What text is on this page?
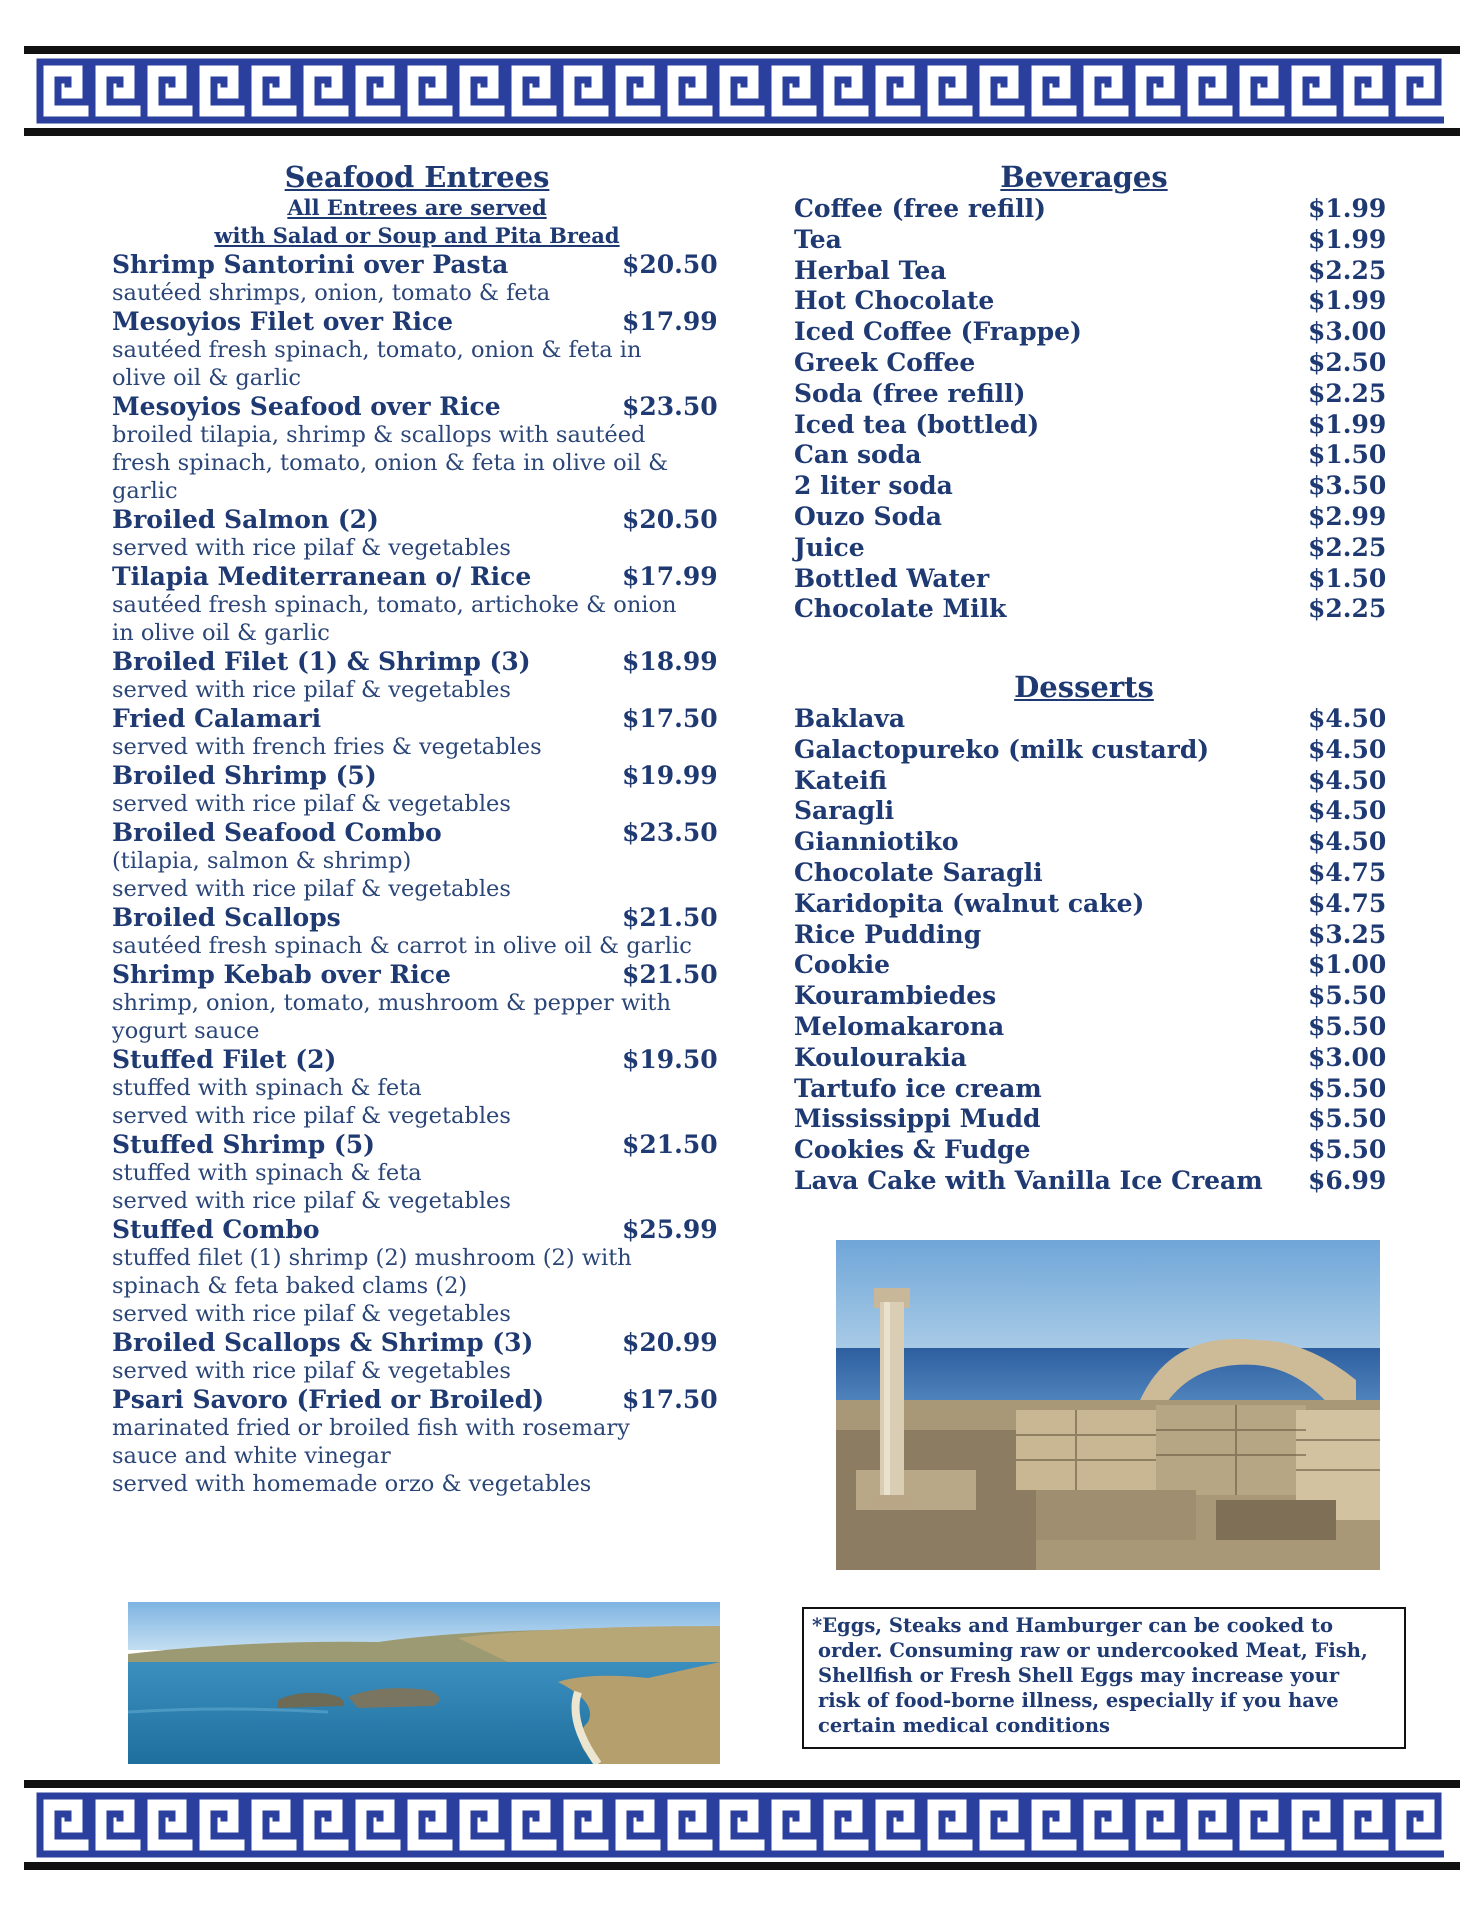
Seafood Entrees
All Entrees are served
with Salad or Soup and Pita Bread
Shrimp Santorini over Pasta	$20.50
sautéed shrimps, onion, tomato & feta
Mesoyios Filet over Rice	$17.99
sautéed fresh spinach, tomato, onion & feta in
olive oil & garlic
Mesoyios Seafood over Rice	$23.50
broiled tilapia, shrimp & scallops with sautéed
fresh spinach, tomato, onion & feta in olive oil &
garlic
Broiled Salmon (2)	$20.50
served with rice pilaf & vegetables
Tilapia Mediterranean o/ Rice	$17.99
sautéed fresh spinach, tomato, artichoke & onion
in olive oil & garlic
Broiled Filet (1) & Shrimp (3)	$18.99
served with rice pilaf & vegetables
Fried Calamari	$17.50
served with french fries & vegetables
Broiled Shrimp (5)	$19.99
served with rice pilaf & vegetables
Broiled Seafood Combo	$23.50
(tilapia, salmon & shrimp)
served with rice pilaf & vegetables
Broiled Scallops	$21.50
sautéed fresh spinach & carrot in olive oil & garlic
Shrimp Kebab over Rice	$21.50
shrimp, onion, tomato, mushroom & pepper with
yogurt sauce
Stuffed Filet (2)	$19.50
stuffed with spinach & feta
served with rice pilaf & vegetables
Stuffed Shrimp (5)	$21.50
stuffed with spinach & feta
served with rice pilaf & vegetables
Stuffed Combo	$25.99
stuffed filet (1) shrimp (2) mushroom (2) with
spinach & feta baked clams (2)
served with rice pilaf & vegetables
Broiled Scallops & Shrimp (3)	$20.99
served with rice pilaf & vegetables
Psari Savoro (Fried or Broiled)	$17.50
marinated fried or broiled fish with rosemary
sauce and white vinegar
served with homemade orzo & vegetables
Beverages
Coffee (free refill)	$1.99
Tea	$1.99
Herbal Tea	$2.25
Hot Chocolate	$1.99
Iced Coffee (Frappe)	$3.00
Greek Coffee	$2.50
Soda (free refill)	$2.25
Iced tea (bottled)	$1.99
Can soda	$1.50
2 liter soda	$3.50
Ouzo Soda	$2.99
Juice	$2.25
Bottled Water	$1.50
Chocolate Milk	$2.25
Desserts
Baklava	$4.50
Galactopureko (milk custard)	$4.50
Kateifi	$4.50
Saragli	$4.50
Gianniotiko	$4.50
Chocolate Saragli	$4.75
Karidopita (walnut cake)	$4.75
Rice Pudding	$3.25
Cookie	$1.00
Kourambiedes	$5.50
Melomakarona	$5.50
Koulourakia	$3.00
Tartufo ice cream	$5.50
Mississippi Mudd	$5.50
Cookies & Fudge	$5.50
Lava Cake with Vanilla Ice Cream $6.99
*Eggs, Steaks and Hamburger can be cooked to
order. Consuming raw or undercooked Meat, Fish,
Shellfish or Fresh Shell Eggs may increase your
risk of food-borne illness, especially if you have
certain medical conditions
